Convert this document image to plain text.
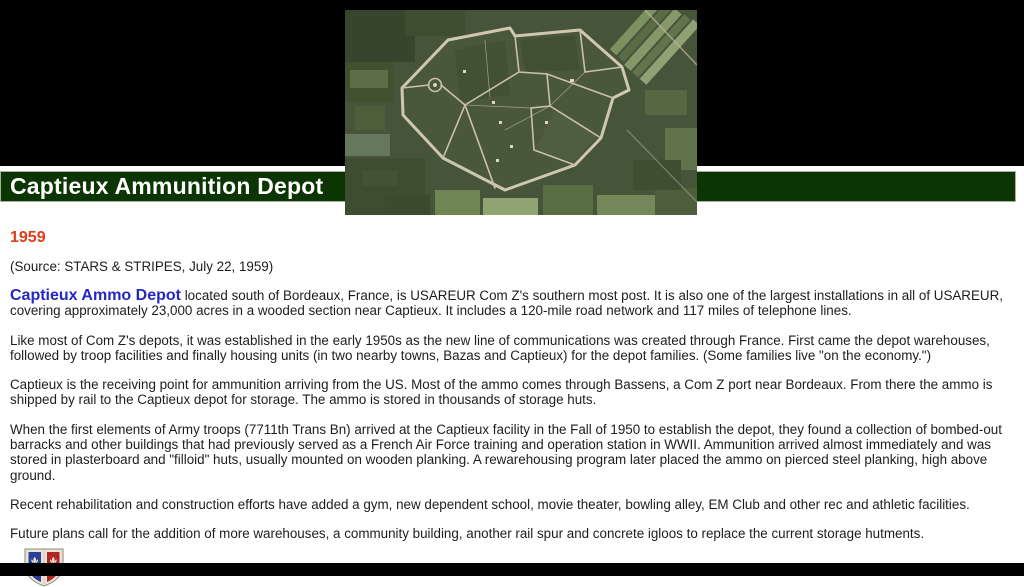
Captieux Ammunition Depot
1959
(Source: STARS & STRIPES, July 22, 1959)

Captieux Ammo Depot located south of Bordeaux, France, is USAREUR Com Z's southern most post. It is also one of the largest installations in all of USAREUR, covering approximately 23,000 acres in a wooded section near Captieux. It includes a 120-mile road network and 117 miles of telephone lines.

Like most of Com Z's depots, it was established in the early 1950s as the new line of communications was created through France. First came the depot warehouses, followed by troop facilities and finally housing units (in two nearby towns, Bazas and Captieux) for the depot families. (Some families live "on the economy.")

Captieux is the receiving point for ammunition arriving from the US. Most of the ammo comes through Bassens, a Com Z port near Bordeaux. From there the ammo is shipped by rail to the Captieux depot for storage. The ammo is stored in thousands of storage huts.

When the first elements of Army troops (7711th Trans Bn) arrived at the Captieux facility in the Fall of 1950 to establish the depot, they found a collection of bombed-out barracks and other buildings that had previously served as a French Air Force training and operation station in WWII. Ammunition arrived almost immediately and was stored in plasterboard and "filloid" huts, usually mounted on wooden planking. A rewarehousing program later placed the ammo on pierced steel planking, high above ground.

Recent rehabilitation and construction efforts have added a gym, new dependent school, movie theater, bowling alley, EM Club and other rec and athletic facilities.

Future plans call for the addition of more warehouses, a community building, another rail spur and concrete igloos to replace the current storage hutments.
